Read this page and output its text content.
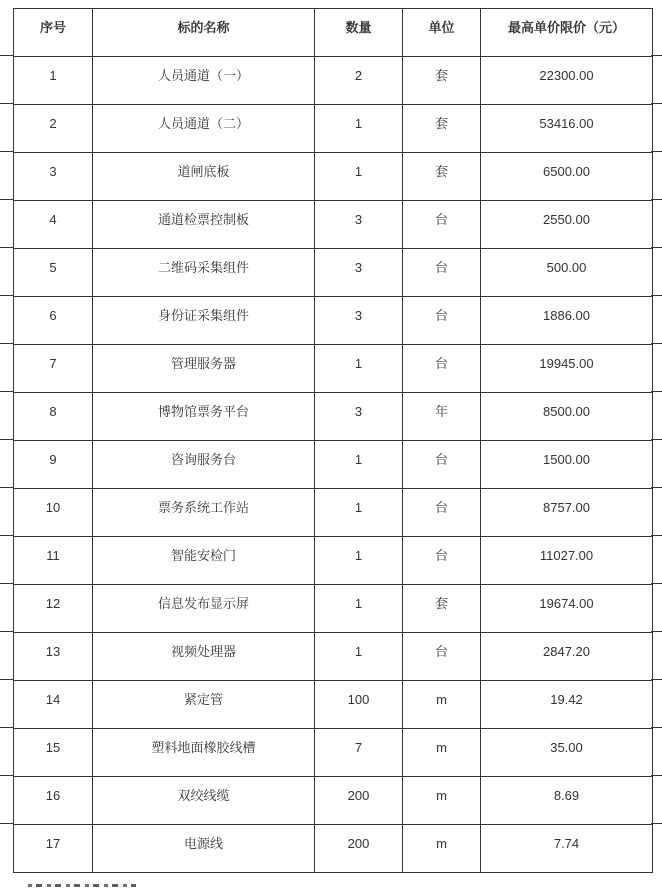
序号	标的名称	数量	单位	最高单价限价（元）
1	人员通道（一）	2	套	22300.00
2	人员通道（二）	1	套	53416.00
3	道闸底板	1	套	6500.00
4	通道检票控制板	3	台	2550.00
5	二维码采集组件	3	台	500.00
6	身份证采集组件	3	台	1886.00
7	管理服务器	1	台	19945.00
8	博物馆票务平台	3	年	8500.00
9	咨询服务台	1	台	1500.00
10	票务系统工作站	1	台	8757.00
11	智能安检门	1	台	11027.00
12	信息发布显示屏	1	套	19674.00
13	视频处理器	1	台	2847.20
14	紧定管	100	m	19.42
15	塑料地面橡胶线槽	7	m	35.00
16	双绞线缆	200	m	8.69
17	电源线	200	m	7.74
